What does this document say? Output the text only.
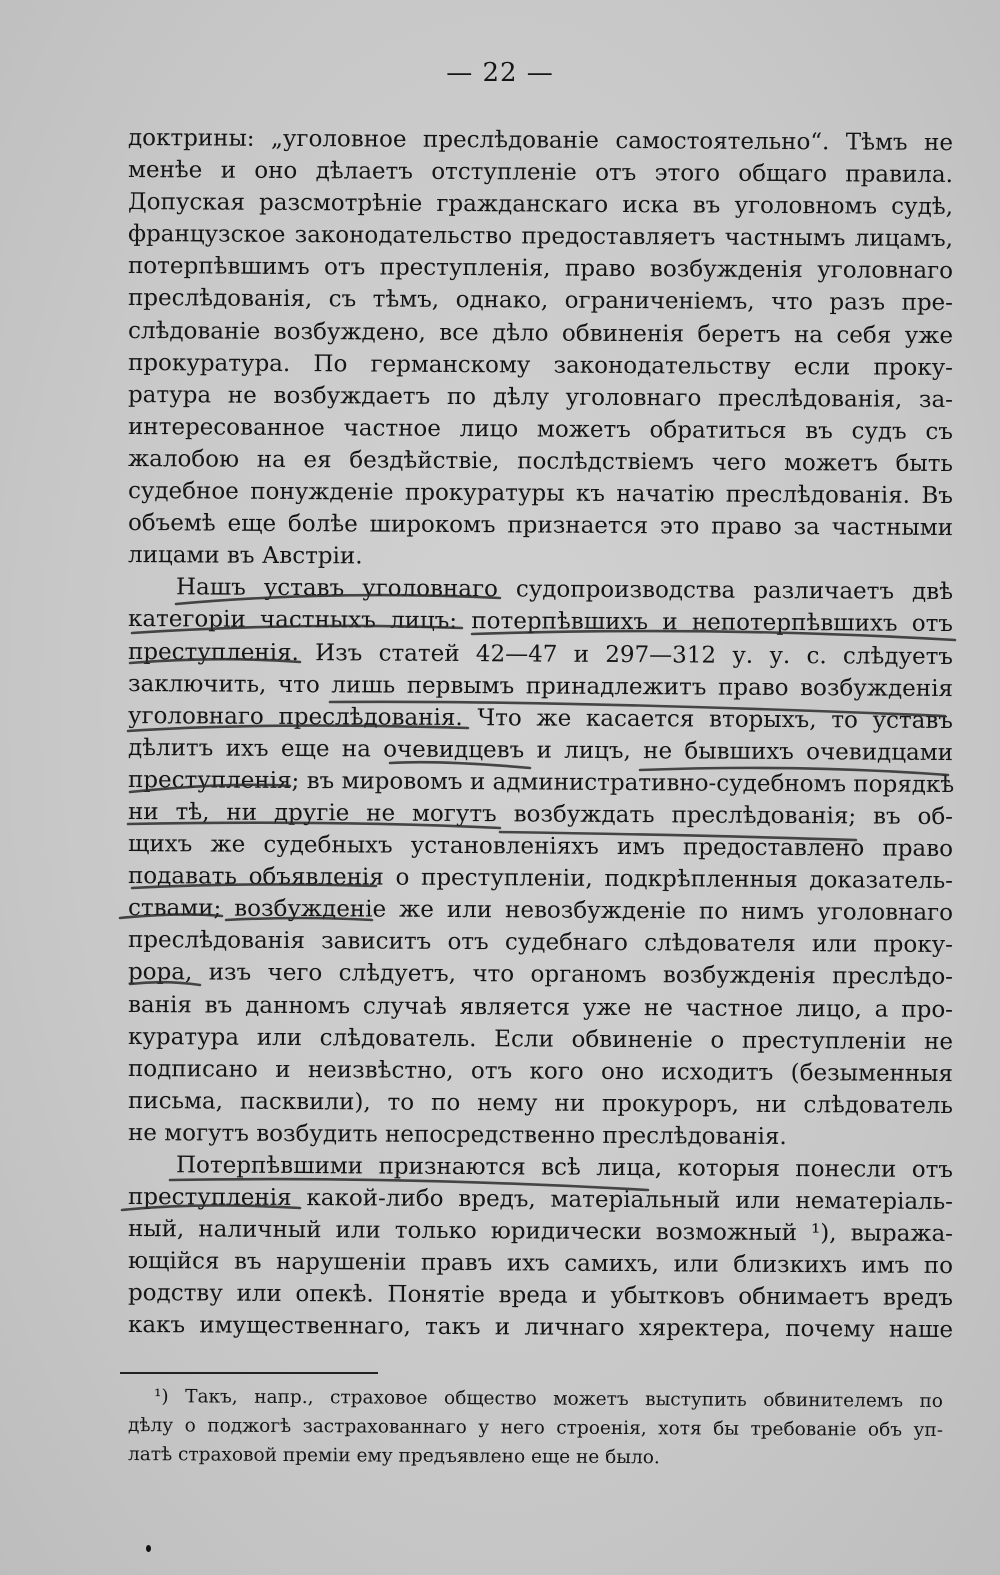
— 22 —
доктрины: „уголовное преслѣдованіе самостоятельно“. Тѣмъ не
менѣе и оно дѣлаетъ отступленіе отъ этого общаго правила.
Допуская разсмотрѣніе гражданскаго иска въ уголовномъ судѣ,
французское законодательство предоставляетъ частнымъ лицамъ,
потерпѣвшимъ отъ преступленія, право возбужденія уголовнаго
преслѣдованія, съ тѣмъ, однако, ограниченіемъ, что разъ пре-
слѣдованіе возбуждено, все дѣло обвиненія беретъ на себя уже
прокуратура. По германскому законодательству если проку-
ратура не возбуждаетъ по дѣлу уголовнаго преслѣдованія, за-
интересованное частное лицо можетъ обратиться въ судъ съ
жалобою на ея бездѣйствіе, послѣдствіемъ чего можетъ быть
судебное понужденіе прокуратуры къ начатію преслѣдованія. Въ
объемѣ еще болѣе широкомъ признается это право за частными
лицами въ Австріи.
Нашъ уставъ уголовнаго судопроизводства различаетъ двѣ
категоріи частныхъ лицъ: потерпѣвшихъ и непотерпѣвшихъ отъ
преступленія. Изъ статей 42—47 и 297—312 у. у. с. слѣдуетъ
заключить, что лишь первымъ принадлежитъ право возбужденія
уголовнаго преслѣдованія. Что же касается вторыхъ, то уставъ
дѣлитъ ихъ еще на очевидцевъ и лицъ, не бывшихъ очевидцами
преступленія; въ мировомъ и административно-судебномъ порядкѣ
ни тѣ, ни другіе не могутъ возбуждать преслѣдованія; въ об-
щихъ же судебныхъ установленіяхъ имъ предоставлено право
подавать объявленія о преступленіи, подкрѣпленныя доказатель-
ствами; возбужденіе же или невозбужденіе по нимъ уголовнаго
преслѣдованія зависитъ отъ судебнаго слѣдователя или проку-
рора, изъ чего слѣдуетъ, что органомъ возбужденія преслѣдо-
ванія въ данномъ случаѣ является уже не частное лицо, а про-
куратура или слѣдователь. Если обвиненіе о преступленіи не
подписано и неизвѣстно, отъ кого оно исходитъ (безыменныя
письма, пасквили), то по нему ни прокуроръ, ни слѣдователь
не могутъ возбудить непосредственно преслѣдованія.
Потерпѣвшими признаются всѣ лица, которыя понесли отъ
преступленія какой-либо вредъ, матеріальный или нематеріаль-
ный, наличный или только юридически возможный ¹), выража-
ющійся въ нарушеніи правъ ихъ самихъ, или близкихъ имъ по
родству или опекѣ. Понятіе вреда и убытковъ обнимаетъ вредъ
какъ имущественнаго, такъ и личнаго хяректера, почему наше
¹) Такъ, напр., страховое общество можетъ выступить обвинителемъ по
дѣлу о поджогѣ застрахованнаго у него строенія, хотя бы требованіе объ уп-
латѣ страховой преміи ему предъявлено еще не было.
